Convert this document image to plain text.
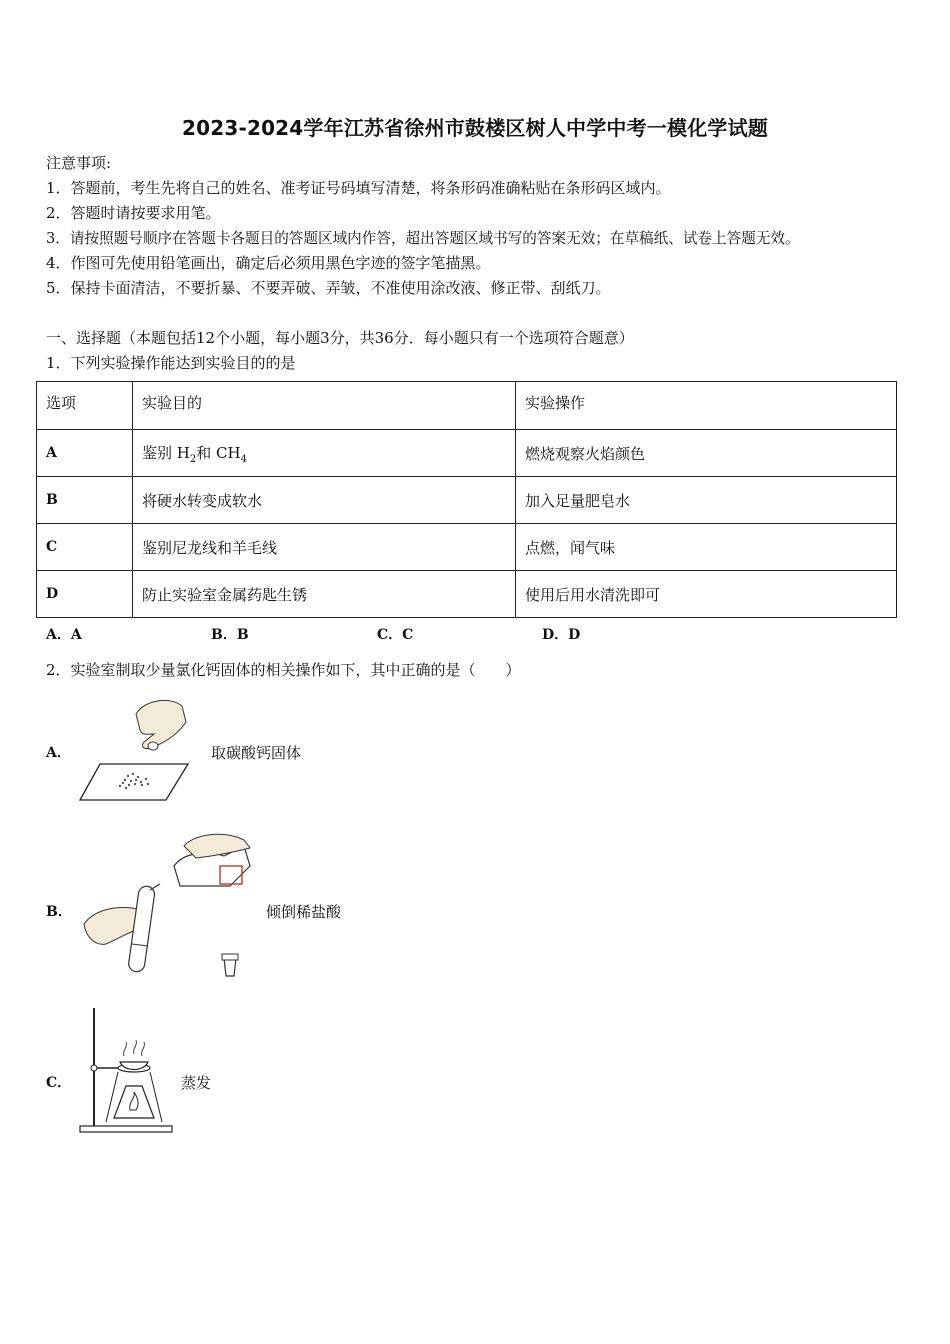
2023-2024学年江苏省徐州市鼓楼区树人中学中考一模化学试题
注意事项:
1．答题前，考生先将自己的姓名、准考证号码填写清楚，将条形码准确粘贴在条形码区域内。
2．答题时请按要求用笔。
3．请按照题号顺序在答题卡各题目的答题区域内作答，超出答题区域书写的答案无效；在草稿纸、试卷上答题无效。
4．作图可先使用铅笔画出，确定后必须用黑色字迹的签字笔描黑。
5．保持卡面清洁，不要折暴、不要弄破、弄皱，不准使用涂改液、修正带、刮纸刀。
一、选择题（本题包括12个小题，每小题3分，共36分．每小题只有一个选项符合题意）
1．下列实验操作能达到实验目的的是
选项	实验目的	实验操作
A	鉴别 $H_2$和 $CH_4$	燃烧观察火焰颜色
B	将硬水转变成软水	加入足量肥皂水
C	鉴别尼龙线和羊毛线	点燃，闻气味
D	防止实验室金属药匙生锈	使用后用水清洗即可
A．A	B．B	C．C	D．D
2．实验室制取少量氯化钙固体的相关操作如下，其中正确的是（　　）
A．	取碳酸钙固体
B．	倾倒稀盐酸
C．	蒸发
